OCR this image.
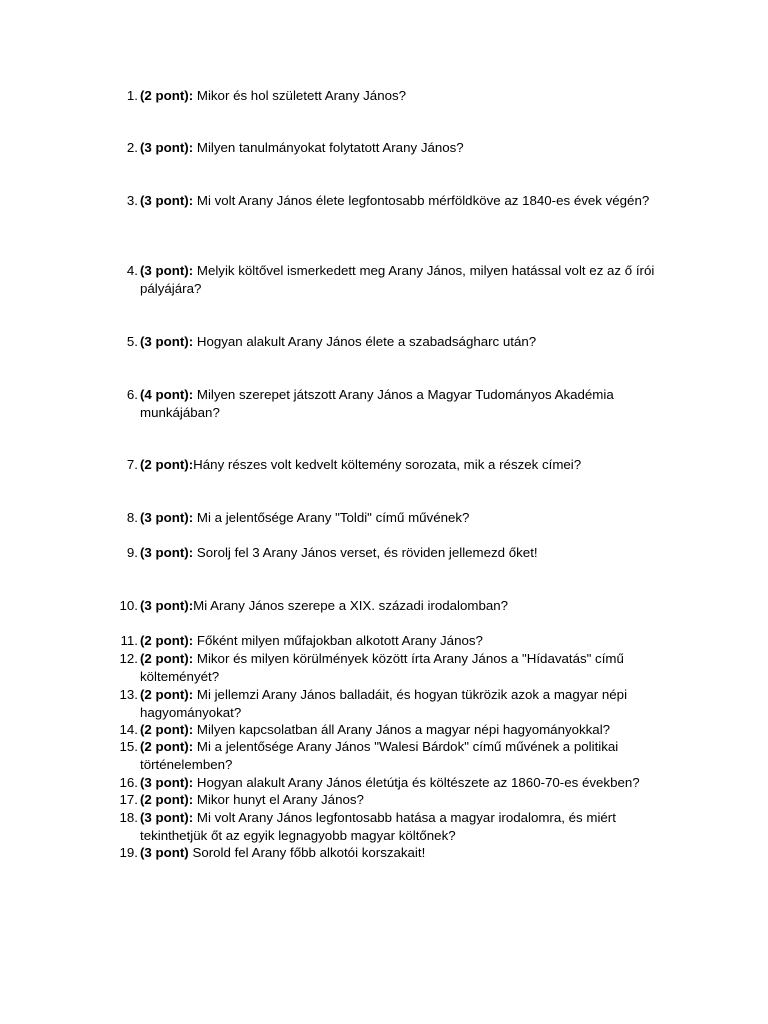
1. (2 pont): Mikor és hol született Arany János?
2. (3 pont): Milyen tanulmányokat folytatott Arany János?
3. (3 pont): Mi volt Arany János élete legfontosabb mérföldköve az 1840-es évek végén?
4. (3 pont): Melyik költővel ismerkedett meg Arany János, milyen hatással volt ez az ő írói pályájára?
5. (3 pont): Hogyan alakult Arany János élete a szabadságharc után?
6. (4 pont): Milyen szerepet játszott Arany János a Magyar Tudományos Akadémia munkájában?
7. (2 pont):Hány részes volt kedvelt költemény sorozata, mik a részek címei?
8. (3 pont): Mi a jelentősége Arany "Toldi" című művének?
9. (3 pont): Sorolj fel 3 Arany János verset, és röviden jellemezd őket!
10. (3 pont):Mi Arany János szerepe a XIX. századi irodalomban?
11. (2 pont): Főként milyen műfajokban alkotott Arany János?
12. (2 pont): Mikor és milyen körülmények között írta Arany János a "Hídavatás" című költeményét?
13. (2 pont): Mi jellemzi Arany János balladáit, és hogyan tükrözik azok a magyar népi hagyományokat?
14. (2 pont): Milyen kapcsolatban áll Arany János a magyar népi hagyományokkal?
15. (2 pont): Mi a jelentősége Arany János "Walesi Bárdok" című művének a politikai történelemben?
16. (3 pont): Hogyan alakult Arany János életútja és költészete az 1860-70-es években?
17. (2 pont): Mikor hunyt el Arany János?
18. (3 pont): Mi volt Arany János legfontosabb hatása a magyar irodalomra, és miért tekinthetjük őt az egyik legnagyobb magyar költőnek?
19. (3 pont) Sorold fel Arany főbb alkotói korszakait!
